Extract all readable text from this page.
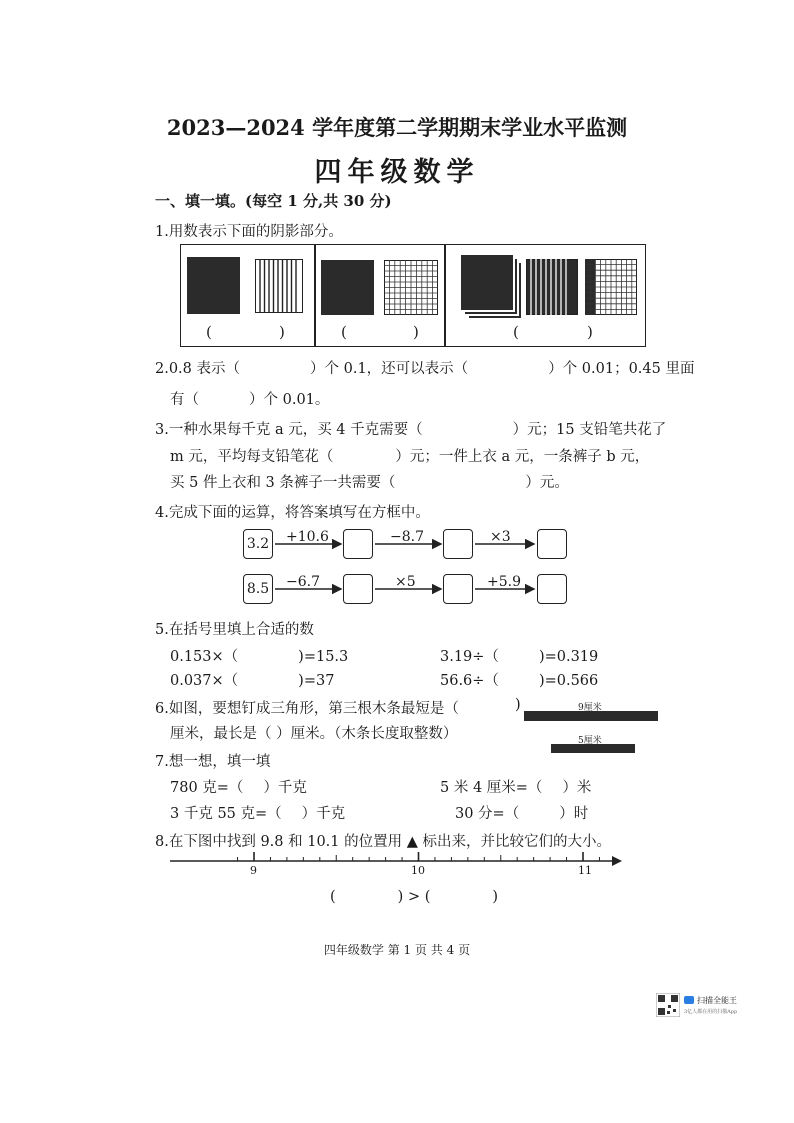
2023—2024 学年度第二学期期末学业水平监测
四年级数学
一、填一填。(每空 1 分,共 30 分)
1.用数表示下面的阴影部分。
(	)	(	)	(	)
2.0.8 表示（	）个 0.1，还可以表示（	）个 0.01；0.45 里面
有（	）个 0.01。
3.一种水果每千克 a 元，买 4 千克需要（	）元；15 支铅笔共花了
m 元，平均每支铅笔花（	）元；一件上衣 a 元，一条裤子 b 元，
买 5 件上衣和 3 条裤子一共需要（	）元。
4.完成下面的运算，将答案填写在方框中。
3.2 +10.6	−8.7	×3
8.5 −6.7	×5	+5.9
5.在括号里填上合适的数
0.153×（	)=15.3	3.19÷（	)=0.319
0.037×（	)=37	56.6÷（	)=0.566
6.如图，要想钉成三角形，第三根木条最短是（	)
厘米，最长是（ ）厘米。（木条长度取整数）
9厘米
5厘米
7.想一想，填一填
780 克=（ ）千克	5 米 4 厘米=（ ）米
3 千克 55 克=（ ）千克	30 分=（	）时
8.在下图中找到 9.8 和 10.1 的位置用 ▲ 标出来，并比较它们的大小。
9	10	11
(	) > (	)
四年级数学 第 1 页 共 4 页
扫描全能王
3亿人都在用的扫描App
